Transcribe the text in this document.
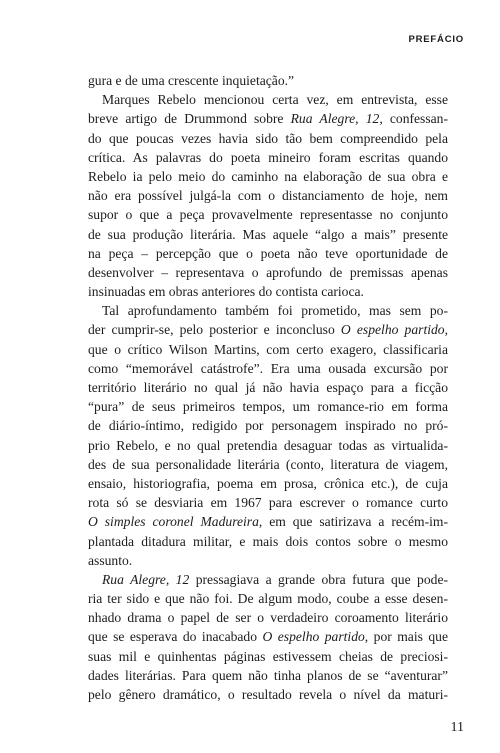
PREFÁCIO
gura e de uma crescente inquietação.”
Marques Rebelo mencionou certa vez, em entrevista, esse
breve artigo de Drummond sobre Rua Alegre, 12, confessan-
do que poucas vezes havia sido tão bem compreendido pela
crítica. As palavras do poeta mineiro foram escritas quando
Rebelo ia pelo meio do caminho na elaboração de sua obra e
não era possível julgá-la com o distanciamento de hoje, nem
supor o que a peça provavelmente representasse no conjunto
de sua produção literária. Mas aquele “algo a mais” presente
na peça – percepção que o poeta não teve oportunidade de
desenvolver – representava o aprofundo de premissas apenas
insinuadas em obras anteriores do contista carioca.
Tal aprofundamento também foi prometido, mas sem po-
der cumprir-se, pelo posterior e inconcluso O espelho partido,
que o crítico Wilson Martins, com certo exagero, classificaria
como “memorável catástrofe”. Era uma ousada excursão por
território literário no qual já não havia espaço para a ficção
“pura” de seus primeiros tempos, um romance-rio em forma
de diário-íntimo, redigido por personagem inspirado no pró-
prio Rebelo, e no qual pretendia desaguar todas as virtualida-
des de sua personalidade literária (conto, literatura de viagem,
ensaio, historiografia, poema em prosa, crônica etc.), de cuja
rota só se desviaria em 1967 para escrever o romance curto
O simples coronel Madureira, em que satirizava a recém-im-
plantada ditadura militar, e mais dois contos sobre o mesmo
assunto.
Rua Alegre, 12 pressagiava a grande obra futura que pode-
ria ter sido e que não foi. De algum modo, coube a esse desen-
nhado drama o papel de ser o verdadeiro coroamento literário
que se esperava do inacabado O espelho partido, por mais que
suas mil e quinhentas páginas estivessem cheias de preciosi-
dades literárias. Para quem não tinha planos de se “aventurar”
pelo gênero dramático, o resultado revela o nível da maturi-
11
